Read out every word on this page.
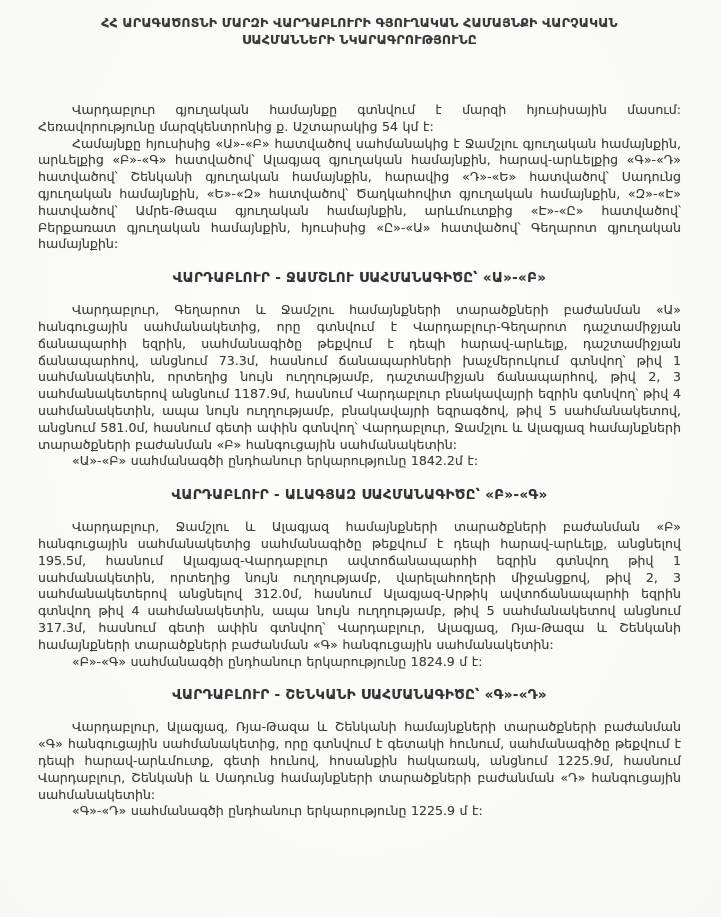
ՀՀ ԱՐԱԳԱԾՈՏՆԻ ՄԱՐԶԻ ՎԱՐԴԱԲԼՈՒՐԻ ԳՅՈՒՂԱԿԱՆ ՀԱՄԱՅՆՔԻ ՎԱՐՉԱԿԱՆ ՍԱՀՄԱՆՆԵՐԻ ՆԿԱՐԱԳՐՈՒԹՅՈՒՆԸ

Վարդաբլուր գյուղական համայնքը գտնվում է մարզի հյուսիսային մասում: Հեռավորությունը մարզկենտրոնից ք. Աշտարակից 54 կմ է:

Համայնքը հյուսիսից «Ա»-«Բ» հատվածով սահմանակից է Ջամշլու գյուղական համայնքին, արևելքից «Բ»-«Գ» հատվածով՝ Ալագյազ գյուղական համայնքին, հարավ-արևելքից «Գ»-«Դ» հատվածով՝ Շենկանի գյուղական համայնքին, հարավից «Դ»-«Ե» հատվածով՝ Սադունց գյուղական համայնքին, «Ե»-«Զ» հատվածով՝ Ծաղկահովիտ գյուղական համայնքին, «Զ»-«Է» հատվածով՝ Ամրե-Թազա գյուղական համայնքին, արևմուտքից «Է»-«Ը» հատվածով՝ Բերքառատ գյուղական համայնքին, հյուսիսից «Ը»-«Ա» հատվածով՝ Գեղարոտ գյուղական համայնքին:

ՎԱՐԴԱԲԼՈՒՐ - ՋԱՄՇԼՈՒ ՍԱՀՄԱՆԱԳԻԾԸ՝ «Ա»-«Բ»

Վարդաբլուր, Գեղարոտ և Ջամշլու համայնքների տարածքների բաժանման «Ա» հանգուցային սահմանակետից, որը գտնվում է Վարդաբլուր-Գեղարոտ դաշտամիջյան ճանապարհի եզրին, սահմանագիծը թեքվում է դեպի հարավ-արևելք, դաշտամիջյան ճանապարհով, անցնում 73.3մ, հասնում ճանապարհների խաչմերուկում գտնվող՝ թիվ 1 սահմանակետին, որտեղից նույն ուղղությամբ, դաշտամիջյան ճանապարհով, թիվ 2, 3 սահմանակետերով անցնում 1187.9մ, հասնում Վարդաբլուր բնակավայրի եզրին գտնվող՝ թիվ 4 սահմանակետին, ապա նույն ուղղությամբ, բնակավայրի եզրագծով, թիվ 5 սահմանակետով, անցնում 581.0մ, հասնում գետի ափին գտնվող՝ Վարդաբլուր, Ջամշլու և Ալագյազ համայնքների տարածքների բաժանման «Բ» հանգուցային սահմանակետին:

«Ա»-«Բ» սահմանագծի ընդհանուր երկարությունը 1842.2մ է:

ՎԱՐԴԱԲԼՈՒՐ - ԱԼԱԳՅԱԶ ՍԱՀՄԱՆԱԳԻԾԸ՝ «Բ»-«Գ»

Վարդաբլուր, Ջամշլու և Ալագյազ համայնքների տարածքների բաժանման «Բ» հանգուցային սահմանակետից սահմանագիծը թեքվում է դեպի հարավ-արևելք, անցնելով 195.5մ, հասնում Ալագյազ-Վարդաբլուր ավտոճանապարհի եզրին գտնվող թիվ 1 սահմանակետին, որտեղից նույն ուղղությամբ, վարելահողերի միջանցքով, թիվ 2, 3 սահմանակետերով անցնելով 312.0մ, հասնում Ալագյազ-Արթիկ ավտոճանապարհի եզրին գտնվող թիվ 4 սահմանակետին, ապա նույն ուղղությամբ, թիվ 5 սահմանակետով անցնում 317.3մ, հասնում գետի ափին գտնվող՝ Վարդաբլուր, Ալագյազ, Ռյա-Թազա և Շենկանի համայնքների տարածքների բաժանման «Գ» հանգուցային սահմանակետին:

«Բ»-«Գ» սահմանագծի ընդհանուր երկարությունը 1824.9 մ է:

ՎԱՐԴԱԲԼՈՒՐ - ՇԵՆԿԱՆԻ ՍԱՀՄԱՆԱԳԻԾԸ՝ «Գ»-«Դ»

Վարդաբլուր, Ալագյազ, Ռյա-Թազա և Շենկանի համայնքների տարածքների բաժանման «Գ» հանգուցային սահմանակետից, որը գտնվում է գետակի հունում, սահմանագիծը թեքվում է դեպի հարավ-արևմուտք, գետի հունով, հոսանքին հակառակ, անցնում 1225.9մ, հասնում Վարդաբլուր, Շենկանի և Սադունց համայնքների տարածքների բաժանման «Դ» հանգուցային սահմանակետին:

«Գ»-«Դ» սահմանագծի ընդհանուր երկարությունը 1225.9 մ է:
